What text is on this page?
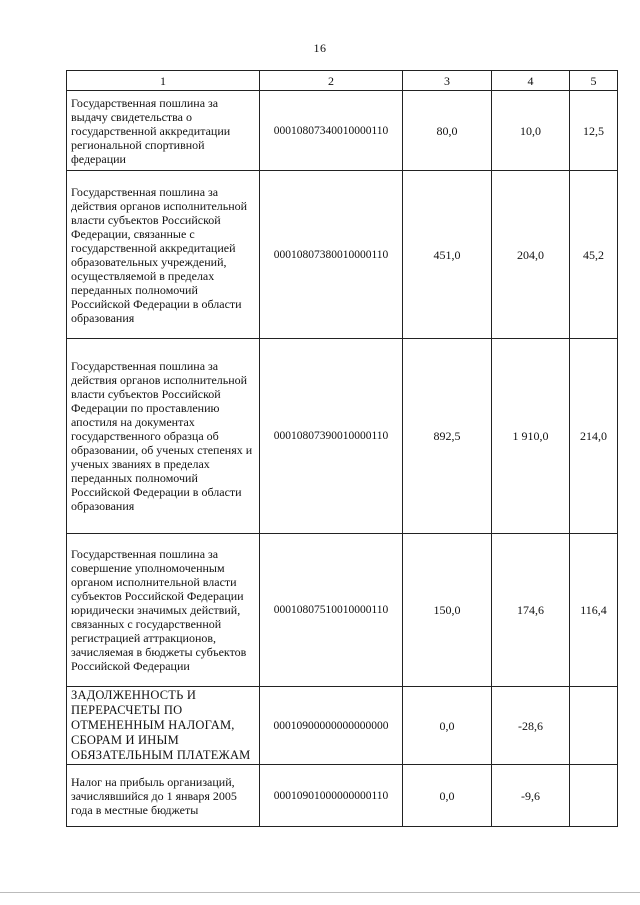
16
1	2	3	4	5
Государственная пошлина за выдачу свидетельства о государственной аккредитации региональной спортивной федерации	00010807340010000110	80,0	10,0	12,5
Государственная пошлина за действия органов исполнительной власти субъектов Российской Федерации, связанные с государственной аккредитацией образовательных учреждений, осуществляемой в пределах переданных полномочий Российской Федерации в области образования	00010807380010000110	451,0	204,0	45,2
Государственная пошлина за действия органов исполнительной власти субъектов Российской Федерации по проставлению апостиля на документах государственного образца об образовании, об ученых степенях и ученых званиях в пределах переданных полномочий Российской Федерации в области образования	00010807390010000110	892,5	1 910,0	214,0
Государственная пошлина за совершение уполномоченным органом исполнительной власти субъектов Российской Федерации юридически значимых действий, связанных с государственной регистрацией аттракционов, зачисляемая в бюджеты субъектов Российской Федерации	00010807510010000110	150,0	174,6	116,4
ЗАДОЛЖЕННОСТЬ И ПЕРЕРАСЧЕТЫ ПО ОТМЕНЕННЫМ НАЛОГАМ, СБОРАМ И ИНЫМ ОБЯЗАТЕЛЬНЫМ ПЛАТЕЖАМ	00010900000000000000	0,0	-28,6	
Налог на прибыль организаций, зачислявшийся до 1 января 2005 года в местные бюджеты	00010901000000000110	0,0	-9,6	
